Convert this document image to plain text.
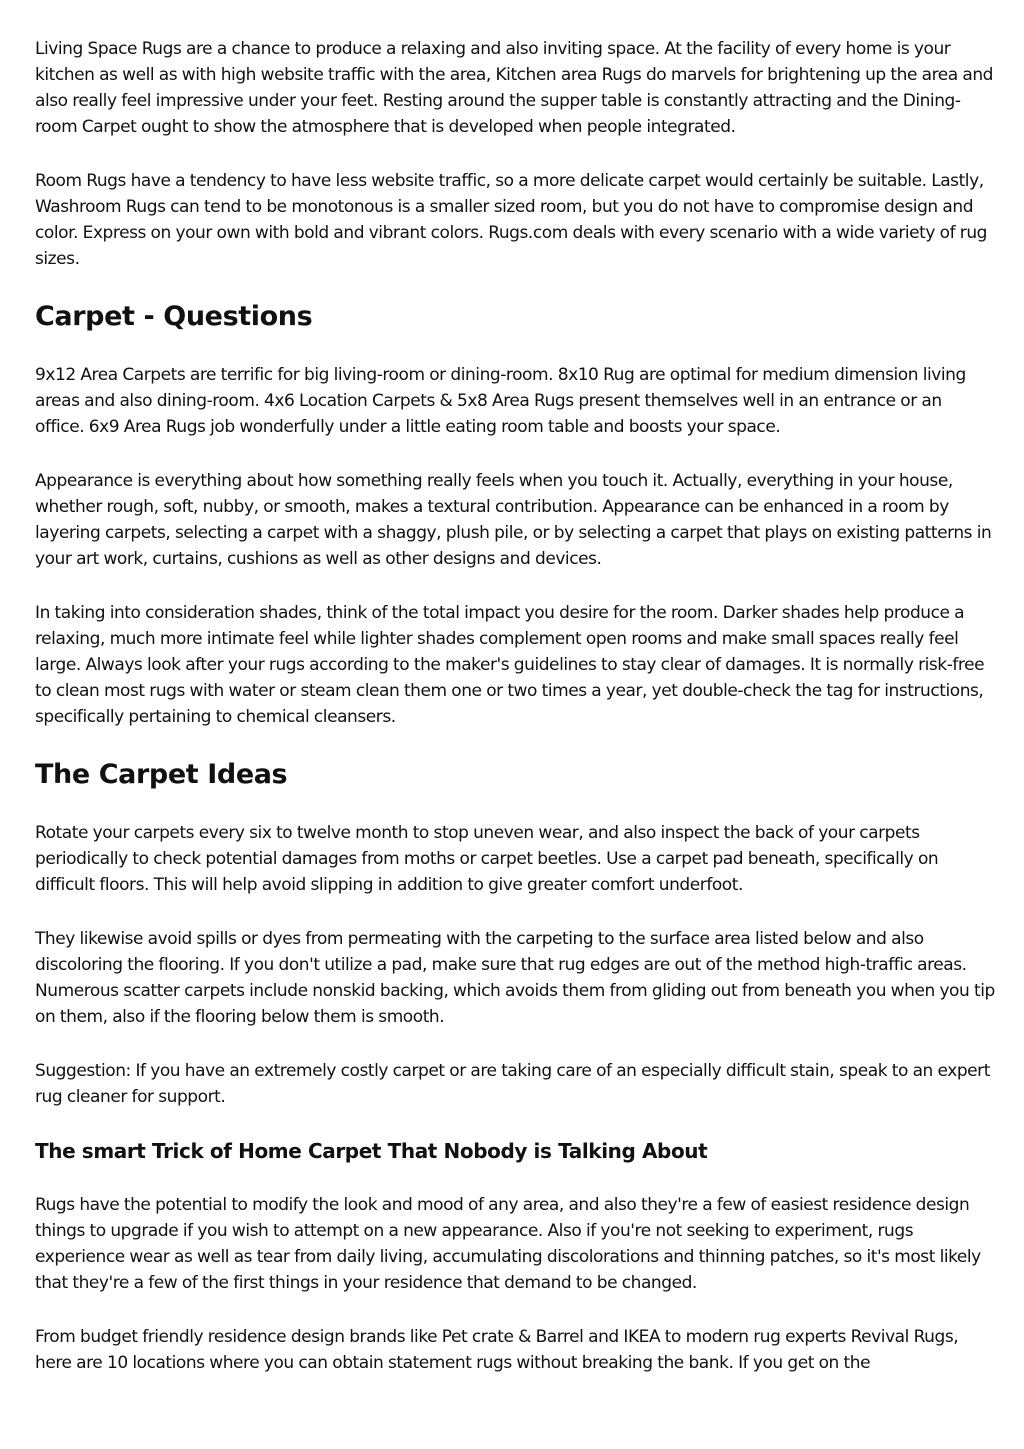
Living Space Rugs are a chance to produce a relaxing and also inviting space. At the facility of every home is your kitchen as well as with high website traffic with the area, Kitchen area Rugs do marvels for brightening up the area and also really feel impressive under your feet. Resting around the supper table is constantly attracting and the Dining-room Carpet ought to show the atmosphere that is developed when people integrated.

Room Rugs have a tendency to have less website traffic, so a more delicate carpet would certainly be suitable. Lastly, Washroom Rugs can tend to be monotonous is a smaller sized room, but you do not have to compromise design and color. Express on your own with bold and vibrant colors. Rugs.com deals with every scenario with a wide variety of rug sizes.

Carpet - Questions

9x12 Area Carpets are terrific for big living-room or dining-room. 8x10 Rug are optimal for medium dimension living areas and also dining-room. 4x6 Location Carpets & 5x8 Area Rugs present themselves well in an entrance or an office. 6x9 Area Rugs job wonderfully under a little eating room table and boosts your space.

Appearance is everything about how something really feels when you touch it. Actually, everything in your house, whether rough, soft, nubby, or smooth, makes a textural contribution. Appearance can be enhanced in a room by layering carpets, selecting a carpet with a shaggy, plush pile, or by selecting a carpet that plays on existing patterns in your art work, curtains, cushions as well as other designs and devices.

In taking into consideration shades, think of the total impact you desire for the room. Darker shades help produce a relaxing, much more intimate feel while lighter shades complement open rooms and make small spaces really feel large. Always look after your rugs according to the maker's guidelines to stay clear of damages. It is normally risk-free to clean most rugs with water or steam clean them one or two times a year, yet double-check the tag for instructions, specifically pertaining to chemical cleansers.

The Carpet Ideas

Rotate your carpets every six to twelve month to stop uneven wear, and also inspect the back of your carpets periodically to check potential damages from moths or carpet beetles. Use a carpet pad beneath, specifically on difficult floors. This will help avoid slipping in addition to give greater comfort underfoot.

They likewise avoid spills or dyes from permeating with the carpeting to the surface area listed below and also discoloring the flooring. If you don't utilize a pad, make sure that rug edges are out of the method high-traffic areas. Numerous scatter carpets include nonskid backing, which avoids them from gliding out from beneath you when you tip on them, also if the flooring below them is smooth.

Suggestion: If you have an extremely costly carpet or are taking care of an especially difficult stain, speak to an expert rug cleaner for support.

The smart Trick of Home Carpet That Nobody is Talking About

Rugs have the potential to modify the look and mood of any area, and also they're a few of easiest residence design things to upgrade if you wish to attempt on a new appearance. Also if you're not seeking to experiment, rugs experience wear as well as tear from daily living, accumulating discolorations and thinning patches, so it's most likely that they're a few of the first things in your residence that demand to be changed.

From budget friendly residence design brands like Pet crate & Barrel and IKEA to modern rug experts Revival Rugs, here are 10 locations where you can obtain statement rugs without breaking the bank. If you get on the
